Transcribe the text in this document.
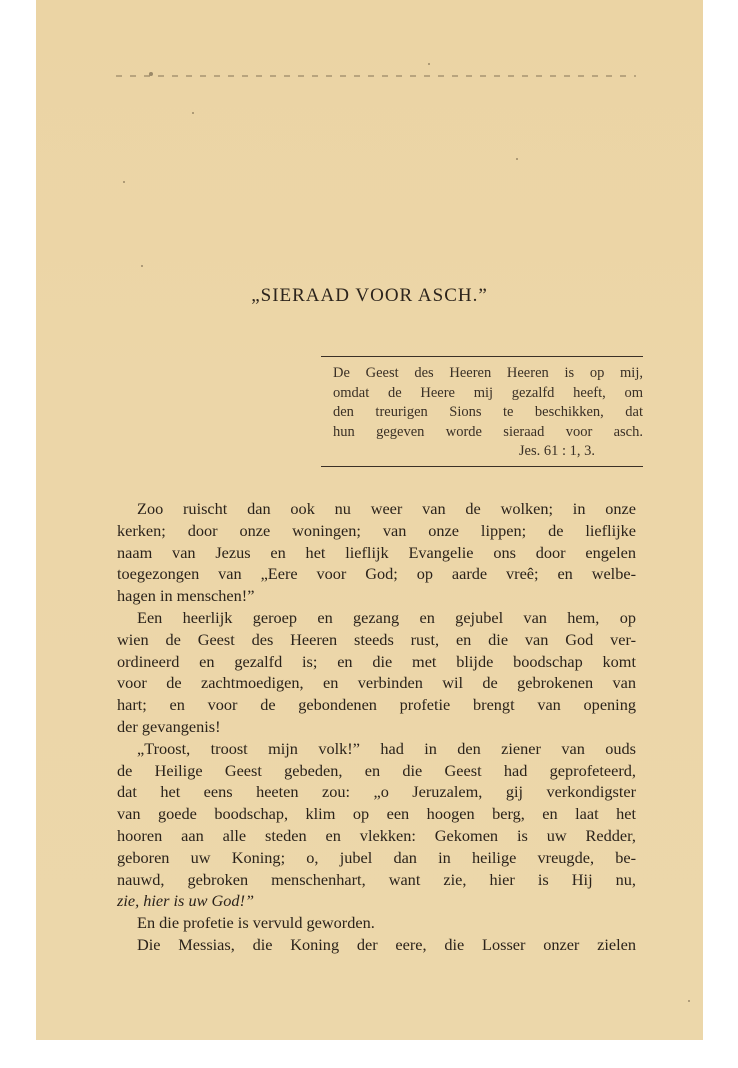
„SIERAAD VOOR ASCH.”
De Geest des Heeren Heeren is op mij,
omdat de Heere mij gezalfd heeft, om
den treurigen Sions te beschikken, dat
hun gegeven worde sieraad voor asch.
Jes. 61 : 1, 3.
Zoo ruischt dan ook nu weer van de wolken; in onze
kerken; door onze woningen; van onze lippen; de lieflijke
naam van Jezus en het lieflijk Evangelie ons door engelen
toegezongen van „Eere voor God; op aarde vreê; en welbe-
hagen in menschen!”
Een heerlijk geroep en gezang en gejubel van hem, op
wien de Geest des Heeren steeds rust, en die van God ver-
ordineerd en gezalfd is; en die met blijde boodschap komt
voor de zachtmoedigen, en verbinden wil de gebrokenen van
hart; en voor de gebondenen profetie brengt van opening
der gevangenis!
„Troost, troost mijn volk!” had in den ziener van ouds
de Heilige Geest gebeden, en die Geest had geprofeteerd,
dat het eens heeten zou: „o Jeruzalem, gij verkondigster
van goede boodschap, klim op een hoogen berg, en laat het
hooren aan alle steden en vlekken: Gekomen is uw Redder,
geboren uw Koning; o, jubel dan in heilige vreugde, be-
nauwd, gebroken menschenhart, want zie, hier is Hij nu,
zie, hier is uw God!”
En die profetie is vervuld geworden.
Die Messias, die Koning der eere, die Losser onzer zielen
